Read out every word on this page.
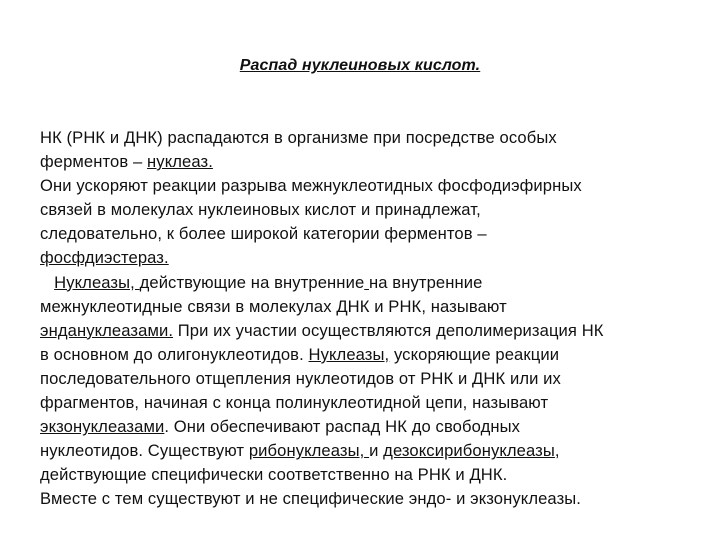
Распад нуклеиновых кислот.
НК (РНК и ДНК) распадаются в организме при посредстве особых
ферментов – нуклеаз.
Они ускоряют реакции разрыва межнуклеотидных фосфодиэфирных
связей в молекулах нуклеиновых кислот и принадлежат,
следовательно, к более широкой категории ферментов –
фосфдиэстераз.
Нуклеазы, действующие на внутренние на внутренние
межнуклеотидные связи в молекулах ДНК и РНК, называют
эндануклеазами. При их участии осуществляются деполимеризация НК
в основном до олигонуклеотидов. Нуклеазы, ускоряющие реакции
последовательного отщепления нуклеотидов от РНК и ДНК или их
фрагментов, начиная с конца полинуклеотидной цепи, называют
экзонуклеазами. Они обеспечивают распад НК до свободных
нуклеотидов. Существуют рибонуклеазы, и дезоксирибонуклеазы,
действующие специфически соответственно на РНК и ДНК.
Вместе с тем существуют и не специфические эндо- и экзонуклеазы.
